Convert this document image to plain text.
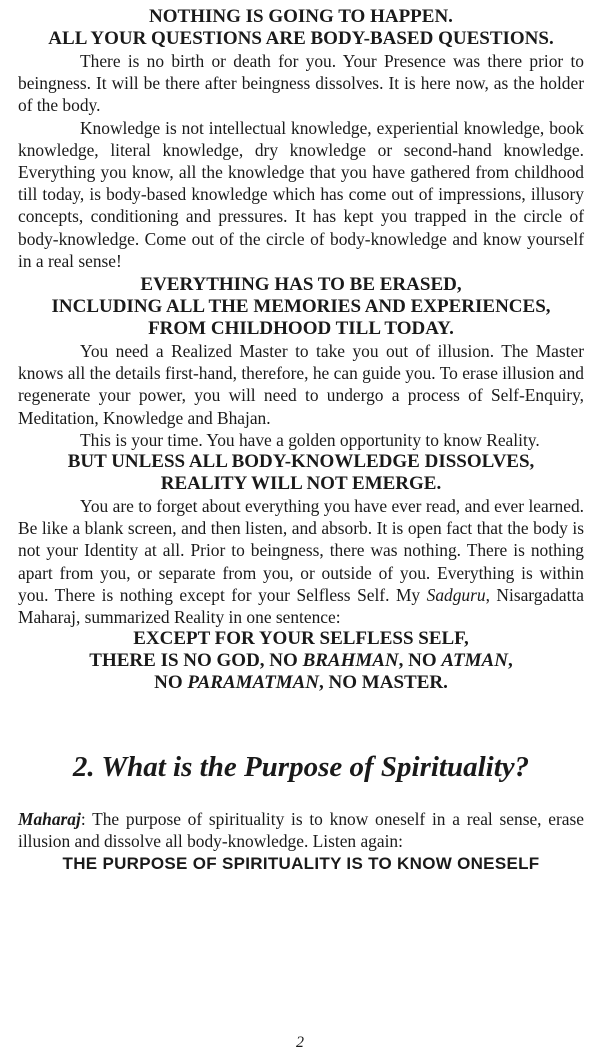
NOTHING IS GOING TO HAPPEN.

ALL YOUR QUESTIONS ARE BODY-BASED QUESTIONS.

There is no birth or death for you. Your Presence was there prior to beingness. It will be there after beingness dissolves. It is here now, as the holder of the body.

Knowledge is not intellectual knowledge, experiential knowledge, book knowledge, literal knowledge, dry knowledge or second-hand knowledge. Everything you know, all the knowledge that you have gathered from childhood till today, is body-based knowledge which has come out of impressions, illusory concepts, conditioning and pressures. It has kept you trapped in the circle of body-knowledge. Come out of the circle of body-knowledge and know yourself in a real sense!

EVERYTHING HAS TO BE ERASED,

INCLUDING ALL THE MEMORIES AND EXPERIENCES,

FROM CHILDHOOD TILL TODAY.

You need a Realized Master to take you out of illusion. The Master knows all the details first-hand, therefore, he can guide you. To erase illusion and regenerate your power, you will need to undergo a process of Self-Enquiry, Meditation, Knowledge and Bhajan.

This is your time. You have a golden opportunity to know Reality.

BUT UNLESS ALL BODY-KNOWLEDGE DISSOLVES,

REALITY WILL NOT EMERGE.

You are to forget about everything you have ever read, and ever learned. Be like a blank screen, and then listen, and absorb. It is open fact that the body is not your Identity at all. Prior to beingness, there was nothing. There is nothing apart from you, or separate from you, or outside of you. Everything is within you. There is nothing except for your Selfless Self. My Sadguru, Nisargadatta Maharaj, summarized Reality in one sentence:

EXCEPT FOR YOUR SELFLESS SELF,

THERE IS NO GOD, NO BRAHMAN, NO ATMAN,

NO PARAMATMAN, NO MASTER.

2. What is the Purpose of Spirituality?

Maharaj: The purpose of spirituality is to know oneself in a real sense, erase illusion and dissolve all body-knowledge. Listen again:

THE PURPOSE OF SPIRITUALITY IS TO KNOW ONESELF

2
